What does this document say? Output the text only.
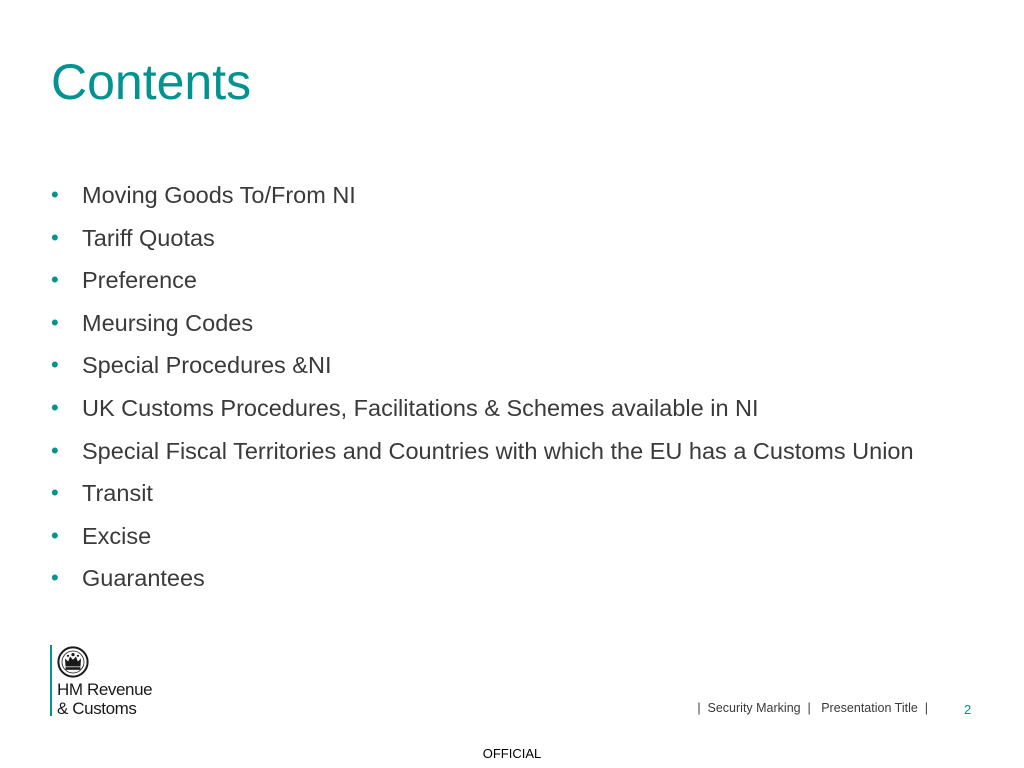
Contents
• Moving Goods To/From NI
• Tariff Quotas
• Preference
• Meursing Codes
• Special Procedures &NI
• UK Customs Procedures, Facilitations & Schemes available in NI
• Special Fiscal Territories and Countries with which the EU has a Customs Union
• Transit
• Excise
• Guarantees
HM Revenue
& Customs	|  Security Marking  |   Presentation Title  |	2
OFFICIAL
